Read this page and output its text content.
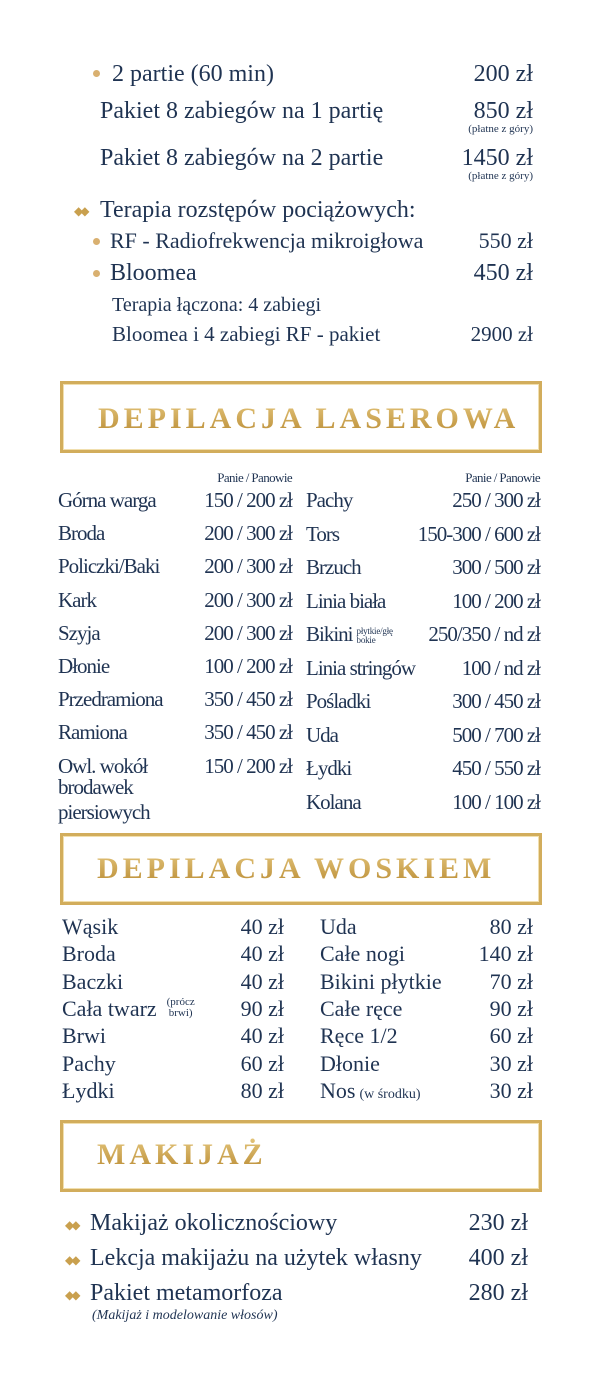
2 partie (60 min)	200 zł
Pakiet 8 zabiegów na 1 partię	850 zł
(płatne z góry)
Pakiet 8 zabiegów na 2 partie	1450 zł
(płatne z góry)
◆◆ Terapia rozstępów pociążowych:
RF - Radiofrekwencja mikroigłowa	550 zł
Bloomea	450 zł
Terapia łączona: 4 zabiegi
Bloomea i 4 zabiegi RF - pakiet	2900 zł
DEPILACJA LASEROWA
DEPILACJA WOSKIEM
MAKIJAŻ
Panie / Panowie	Panie / Panowie
Górna warga	150 / 200 zł
Broda	200 / 300 zł
Policzki/Baki	200 / 300 zł
Kark	200 / 300 zł
Szyja	200 / 300 zł
Dłonie	100 / 200 zł
Przedramiona	350 / 450 zł
Ramiona	350 / 450 zł
Owl. wokół brodawek
piersiowych
150 / 200 zł
Pachy	250 / 300 zł
Tors	150-300 / 600 zł
Brzuch	300 / 500 zł
Linia biała	100 / 200 zł
Bikini płytkie/głębokie	250/350 / nd zł
Linia stringów	100 / nd zł
Pośladki	300 / 450 zł
Uda	500 / 700 zł
Łydki	450 / 550 zł
Kolana	100 / 100 zł
Wąsik	40 zł
Broda	40 zł
Baczki	40 zł
Cała twarz (prócz brwi)	90 zł
Brwi	40 zł
Pachy	60 zł
Łydki	80 zł
Uda	80 zł
Całe nogi	140 zł
Bikini płytkie 70 zł
Całe ręce	90 zł
Ręce 1/2	60 zł
Dłonie	30 zł
Nos (w środku)	30 zł
◆◆
◆◆
◆◆
Makijaż okolicznościowy	230 zł
Lekcja makijażu na użytek własny 400 zł
Pakiet metamorfoza	280 zł
(Makijaż i modelowanie włosów)
